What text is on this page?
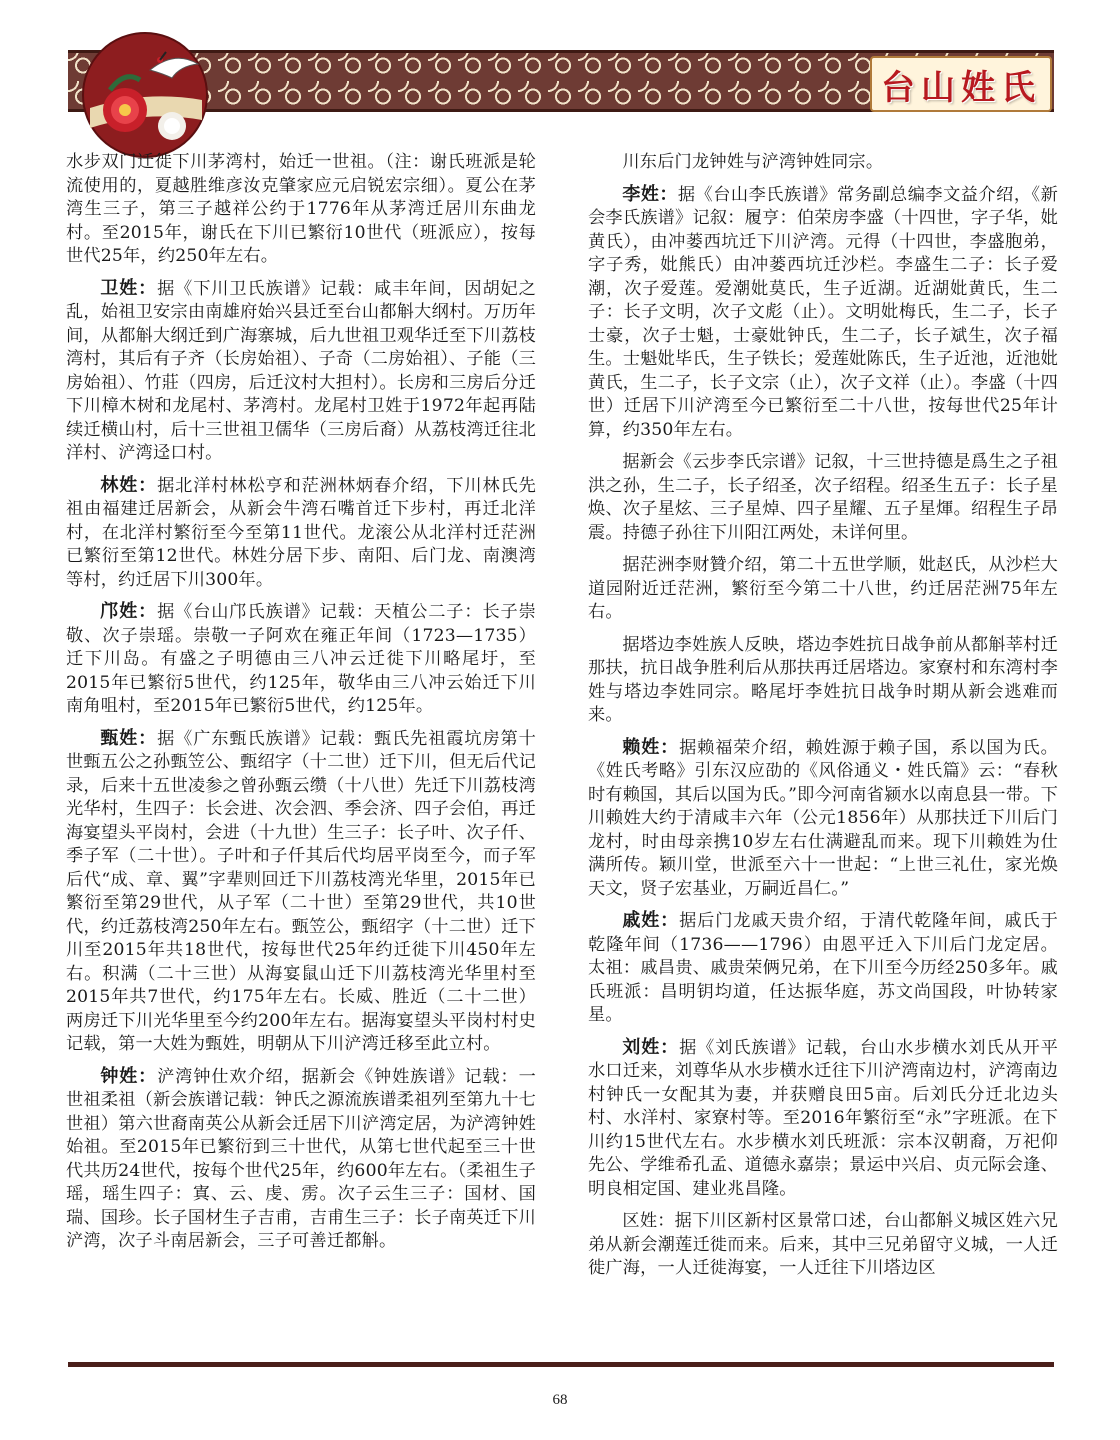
台山姓氏

水步双门迁徙下川茅湾村，始迁一世祖。（注：谢氏班派是轮流使用的，夏越胜维彦汝克肇家应元启锐宏宗细）。夏公在茅湾生三子，第三子越祥公约于1776年从茅湾迁居川东曲龙村。至2015年，谢氏在下川已繁衍10世代（班派应），按每世代25年，约250年左右。

卫姓：据《下川卫氏族谱》记载：咸丰年间，因胡妃之乱，始祖卫安宗由南雄府始兴县迁至台山都斛大纲村。万历年间，从都斛大纲迁到广海寨城，后九世祖卫观华迁至下川荔枝湾村，其后有子齐（长房始祖）、子奇（二房始祖）、子能（三房始祖）、竹莊（四房，后迁汶村大担村）。长房和三房后分迁下川樟木树和龙尾村、茅湾村。龙尾村卫姓于1972年起再陆续迁横山村，后十三世祖卫儒华（三房后裔）从荔枝湾迁往北洋村、浐湾迳口村。

林姓：据北洋村林松亨和茫洲林炳春介绍，下川林氏先祖由福建迁居新会，从新会牛湾石嘴首迁下步村，再迁北洋村，在北洋村繁衍至今至第11世代。龙滚公从北洋村迁茫洲已繁衍至第12世代。林姓分居下步、南阳、后门龙、南澳湾等村，约迁居下川300年。

邝姓：据《台山邝氏族谱》记载：天植公二子：长子崇敬、次子崇瑶。崇敬一子阿欢在雍正年间（1723—1735）迁下川岛。有盛之子明德由三八冲云迁徙下川略尾圩，至2015年已繁衍5世代，约125年，敬华由三八冲云始迁下川南角咀村，至2015年已繁衍5世代，约125年。

甄姓：据《广东甄氏族谱》记载：甄氏先祖霞坑房第十世甄五公之孙甄笠公、甄绍字（十二世）迁下川，但无后代记录，后来十五世凌参之曾孙甄云缵（十八世）先迁下川荔枝湾光华村，生四子：长会进、次会泗、季会济、四子会伯，再迁海宴望头平岗村，会进（十九世）生三子：长子叶、次子仟、季子军（二十世）。子叶和子仟其后代均居平岗至今，而子军后代“成、章、翼”字辈则回迁下川荔枝湾光华里，2015年已繁衍至第29世代，从子军（二十世）至第29世代，共10世代，约迁荔枝湾250年左右。甄笠公，甄绍字（十二世）迁下川至2015年共18世代，按每世代25年约迁徙下川450年左右。积满（二十三世）从海宴鼠山迁下川荔枝湾光华里村至2015年共7世代，约175年左右。长威、胜近（二十二世）两房迁下川光华里至今约200年左右。据海宴望头平岗村村史记载，第一大姓为甄姓，明朝从下川浐湾迁移至此立村。

钟姓：浐湾钟仕欢介绍，据新会《钟姓族谱》记载：一世祖柔祖（新会族谱记载：钟氏之源流族谱柔祖列至第九十七世祖）第六世裔南英公从新会迁居下川浐湾定居，为浐湾钟姓始祖。至2015年已繁衍到三十世代，从第七世代起至三十世代共历24世代，按每个世代25年，约600年左右。（柔祖生子瑶，瑶生四子：寘、云、虔、雳。次子云生三子：国材、国瑞、国珍。长子国材生子吉甫，吉甫生三子：长子南英迁下川浐湾，次子斗南居新会，三子可善迁都斛。

川东后门龙钟姓与浐湾钟姓同宗。

李姓：据《台山李氏族谱》常务副总编李文益介绍，《新会李氏族谱》记叙：履亨：伯荣房李盛（十四世，字子华，妣黄氏），由冲蒌西坑迁下川浐湾。元得（十四世，李盛胞弟，字子秀，妣熊氏）由冲蒌西坑迁沙栏。李盛生二子：长子爱潮，次子爱莲。爱潮妣莫氏，生子近湖。近湖妣黄氏，生二子：长子文明，次子文彪（止）。文明妣梅氏，生二子，长子士豪，次子士魁，士豪妣钟氏，生二子，长子斌生，次子福生。士魁妣毕氏，生子铁长；爱莲妣陈氏，生子近池，近池妣黄氏，生二子，长子文宗（止），次子文祥（止）。李盛（十四世）迁居下川浐湾至今已繁衍至二十八世，按每世代25年计算，约350年左右。

据新会《云步李氏宗谱》记叙，十三世持德是爲生之子祖洪之孙，生二子，长子绍圣，次子绍程。绍圣生五子：长子星焕、次子星炫、三子星焯、四子星耀、五子星煇。绍程生子昂震。持德子孙往下川阳江两处，未详何里。

据茫洲李财贊介绍，第二十五世学顺，妣赵氏，从沙栏大道园附近迁茫洲，繁衍至今第二十八世，约迁居茫洲75年左右。

据塔边李姓族人反映，塔边李姓抗日战争前从都斛莘村迁那扶，抗日战争胜利后从那扶再迁居塔边。家寮村和东湾村李姓与塔边李姓同宗。略尾圩李姓抗日战争时期从新会逃难而来。

赖姓：据赖福荣介绍，赖姓源于赖子国，系以国为氏。《姓氏考略》引东汉应劭的《风俗通义・姓氏篇》云：“春秋时有赖国，其后以国为氏。”即今河南省颍水以南息县一带。下川赖姓大约于清咸丰六年（公元1856年）从那扶迁下川后门龙村，时由母亲携10岁左右仕满避乱而来。现下川赖姓为仕满所传。颖川堂，世派至六十一世起：“上世三礼仕，家光焕天文，贤子宏基业，万嗣近昌仁。”

戚姓：据后门龙戚天贵介绍，于清代乾隆年间，戚氏于乾隆年间（1736——1796）由恩平迁入下川后门龙定居。太祖：戚昌贵、戚贵荣俩兄弟，在下川至今历经250多年。戚氏班派：昌明钥均道，任达振华庭，苏文尚国段，叶协转家星。

刘姓：据《刘氏族谱》记载，台山水步横水刘氏从开平水口迁来，刘尊华从水步横水迁往下川浐湾南边村，浐湾南边村钟氏一女配其为妻，并获赠良田5亩。后刘氏分迁北边头村、水洋村、家寮村等。至2016年繁衍至“永”字班派。在下川约15世代左右。水步横水刘氏班派：宗本汉朝裔，万祀仰先公、学维希孔孟、道德永嘉崇；景运中兴启、贞元际会逢、明良相定国、建业兆昌隆。

区姓：据下川区新村区景常口述，台山都斛义城区姓六兄弟从新会潮莲迁徙而来。后来，其中三兄弟留守义城，一人迁徙广海，一人迁徙海宴，一人迁往下川塔边区

68
